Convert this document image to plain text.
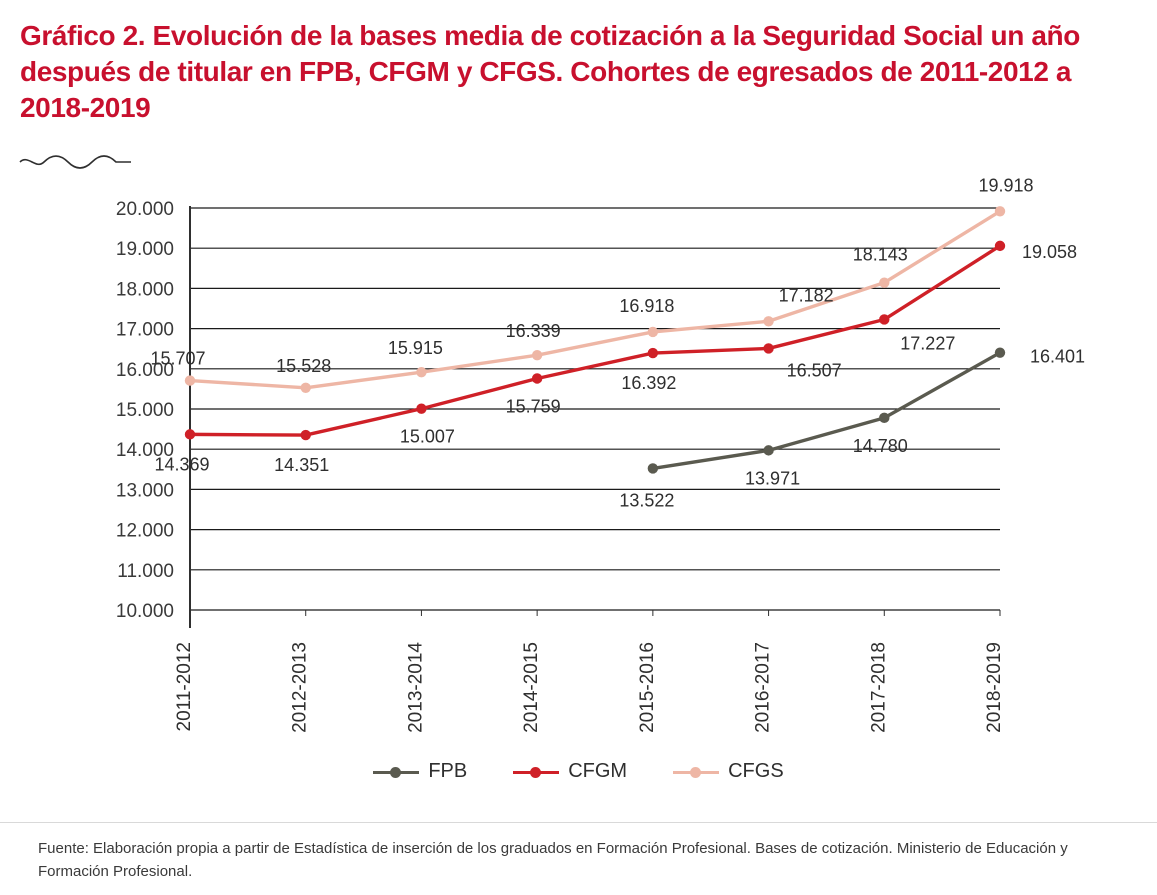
Gráfico 2. Evolución de la bases media de cotización a la Seguridad Social un año después de titular en FPB, CFGM y CFGS. Cohortes de egresados de 2011-2012 a 2018-2019
10.000
11.000
12.000
13.000
14.000
15.000
16.000
17.000
18.000
19.000
20.000
2011-2012	2012-2013	2013-2014	2014-2015	2015-2016	2016-2017	2017-2018	2018-2019
13.522
13.971
14.780
16.401
14.369	14.351
15.007
15.759
16.392
16.507
17.227
19.058
15.707	15.528
15.915
16.339
16.918
17.182
18.143
19.918
FPB	CFGM	CFGS
Fuente: Elaboración propia a partir de Estadística de inserción de los graduados en Formación Profesional. Bases de cotización. Ministerio de Educación y Formación Profesional.
